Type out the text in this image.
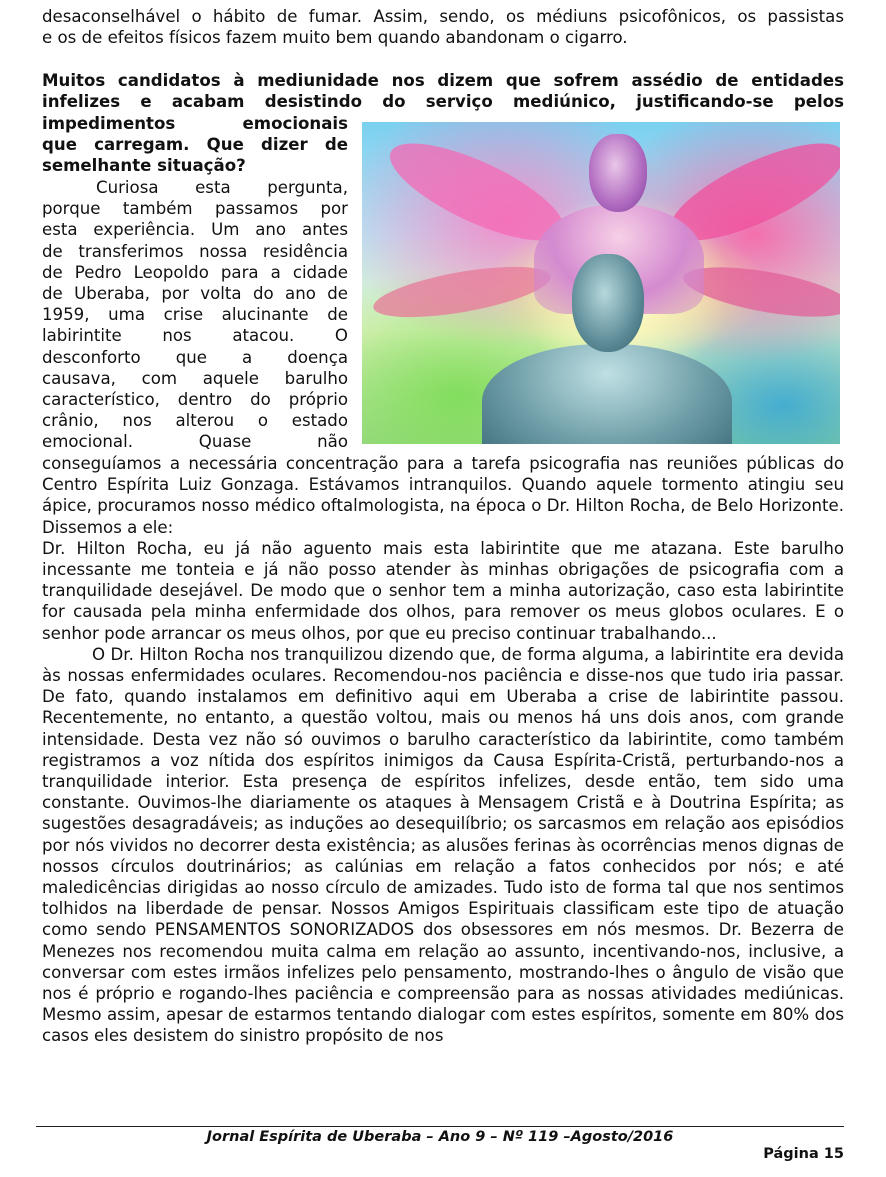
desaconselhável o hábito de fumar. Assim, sendo, os médiuns psicofônicos, os passistas
e os de efeitos físicos fazem muito bem quando abandonam o cigarro.
Muitos candidatos à mediunidade nos dizem que sofrem assédio de entidades
infelizes e acabam desistindo do serviço mediúnico, justificando-se pelos
impedimentos emocionais
que carregam. Que dizer de
semelhante situação?
Curiosa esta pergunta,
porque também passamos por
esta experiência. Um ano antes
de transferimos nossa residência
de Pedro Leopoldo para a cidade
de Uberaba, por volta do ano de
1959, uma crise alucinante de
labirintite nos atacou. O
desconforto que a doença
causava, com aquele barulho
característico, dentro do próprio
crânio, nos alterou o estado
emocional. Quase não
conseguíamos a necessária concentração para a tarefa psicografia nas reuniões públicas do Centro Espírita Luiz Gonzaga. Estávamos intranquilos. Quando aquele tormento atingiu seu ápice, procuramos nosso médico oftalmologista, na época o Dr. Hilton Rocha, de Belo Horizonte. Dissemos a ele:
Dr. Hilton Rocha, eu já não aguento mais esta labirintite que me atazana. Este barulho incessante me tonteia e já não posso atender às minhas obrigações de psicografia com a tranquilidade desejável. De modo que o senhor tem a minha autorização, caso esta labirintite for causada pela minha enfermidade dos olhos, para remover os meus globos oculares. E o senhor pode arrancar os meus olhos, por que eu preciso continuar trabalhando...
O Dr. Hilton Rocha nos tranquilizou dizendo que, de forma alguma, a labirintite era devida às nossas enfermidades oculares. Recomendou-nos paciência e disse-nos que tudo iria passar. De fato, quando instalamos em definitivo aqui em Uberaba a crise de labirintite passou. Recentemente, no entanto, a questão voltou, mais ou menos há uns dois anos, com grande intensidade. Desta vez não só ouvimos o barulho característico da labirintite, como também registramos a voz nítida dos espíritos inimigos da Causa Espírita-Cristã, perturbando-nos a tranquilidade interior. Esta presença de espíritos infelizes, desde então, tem sido uma constante. Ouvimos-lhe diariamente os ataques à Mensagem Cristã e à Doutrina Espírita; as sugestões desagradáveis; as induções ao desequilíbrio; os sarcasmos em relação aos episódios por nós vividos no decorrer desta existência; as alusões ferinas às ocorrências menos dignas de nossos círculos doutrinários; as calúnias em relação a fatos conhecidos por nós; e até maledicências dirigidas ao nosso círculo de amizades. Tudo isto de forma tal que nos sentimos tolhidos na liberdade de pensar. Nossos Amigos Espirituais classificam este tipo de atuação como sendo PENSAMENTOS SONORIZADOS dos obsessores em nós mesmos. Dr. Bezerra de Menezes nos recomendou muita calma em relação ao assunto, incentivando-nos, inclusive, a conversar com estes irmãos infelizes pelo pensamento, mostrando-lhes o ângulo de visão que nos é próprio e rogando-lhes paciência e compreensão para as nossas atividades mediúnicas. Mesmo assim, apesar de estarmos tentando dialogar com estes espíritos, somente em 80% dos casos eles desistem do sinistro propósito de nos
Jornal Espírita de Uberaba – Ano 9 – Nº 119 –Agosto/2016
Página 15
